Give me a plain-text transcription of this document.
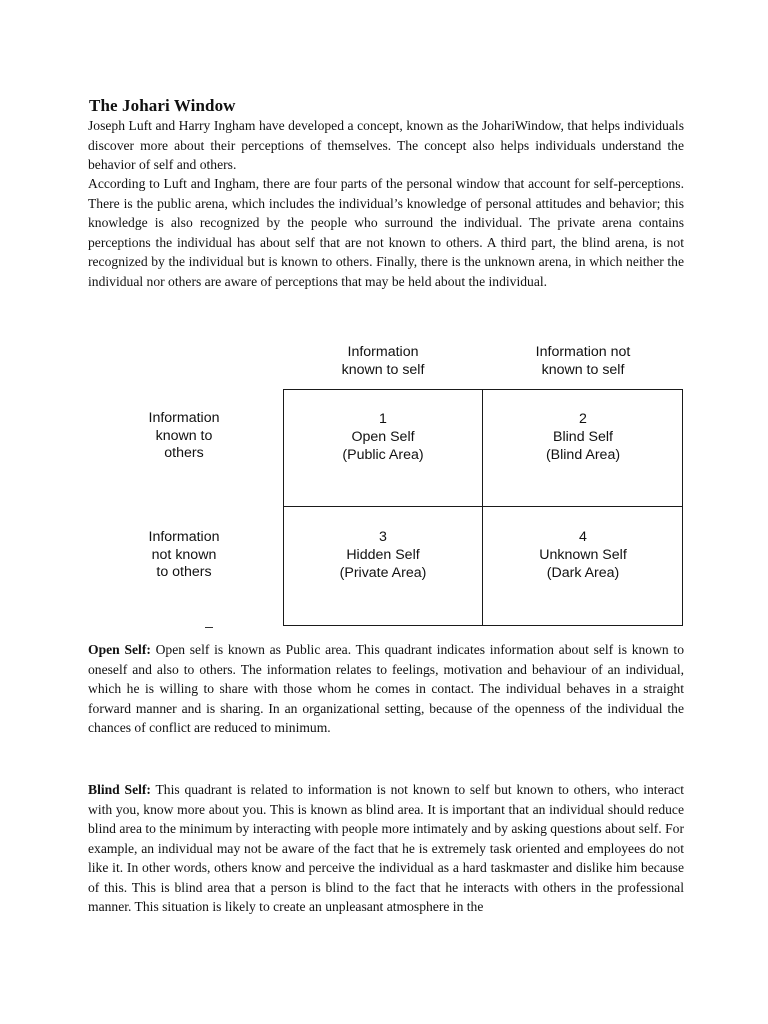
The Johari Window
Joseph Luft and Harry Ingham have developed a concept, known as the JohariWindow, that helps individuals discover more about their perceptions of themselves. The concept also helps individuals understand the behavior of self and others.
According to Luft and Ingham, there are four parts of the personal window that account for self-perceptions. There is the public arena, which includes the individual’s knowledge of personal attitudes and behavior; this knowledge is also recognized by the people who surround the individual. The private arena contains perceptions the individual has about self that are not known to others. A third part, the blind arena, is not recognized by the individual but is known to others. Finally, there is the unknown arena, in which neither the individual nor others are aware of perceptions that may be held about the individual.
Information
known to self
Information not
known to self
Information
known to
others
Information
not known
to others
1
Open Self
(Public Area)
2
Blind Self
(Blind Area)
3
Hidden Self
(Private Area)
4
Unknown Self
(Dark Area)
Open Self: Open self is known as Public area. This quadrant indicates information about self is known to oneself and also to others. The information relates to feelings, motivation and behaviour of an individual, which he is willing to share with those whom he comes in contact. The individual behaves in a straight forward manner and is sharing. In an organizational setting, because of the openness of the individual the chances of conflict are reduced to minimum.
Blind Self: This quadrant is related to information is not known to self but known to others, who interact with you, know more about you. This is known as blind area. It is important that an individual should reduce blind area to the minimum by interacting with people more intimately and by asking questions about self. For example, an individual may not be aware of the fact that he is extremely task oriented and employees do not like it. In other words, others know and perceive the individual as a hard taskmaster and dislike him because of this. This is blind area that a person is blind to the fact that he interacts with others in the professional manner. This situation is likely to create an unpleasant atmosphere in the
